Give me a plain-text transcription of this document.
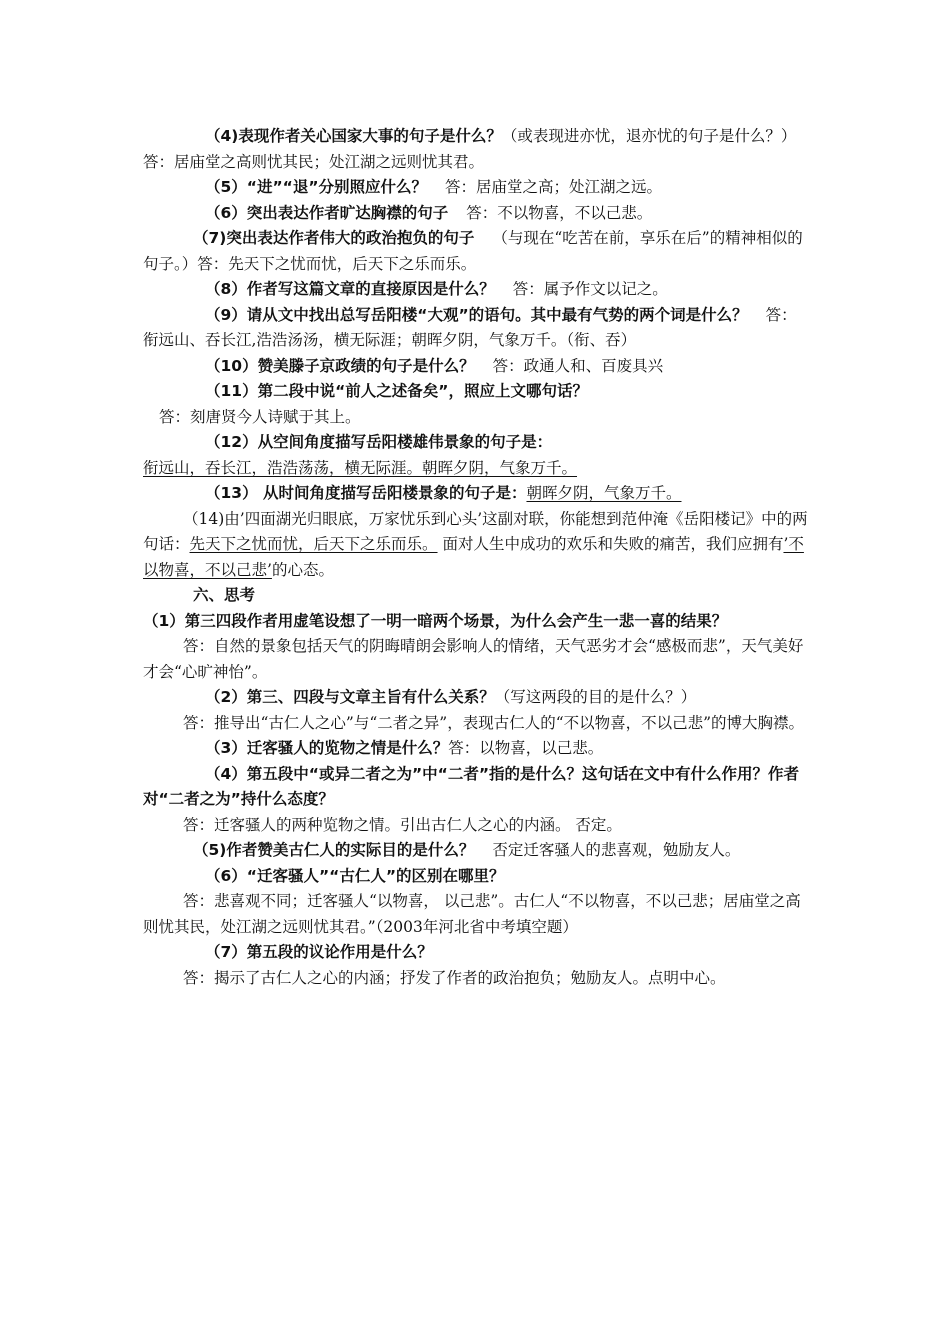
（4)表现作者关心国家大事的句子是什么？（或表现进亦忧，退亦忧的句子是什么？） 答：居庙堂之高则忧其民；处江湖之远则忧其君。

（5）“进”“退”分别照应什么？ 答：居庙堂之高；处江湖之远。

（6）突出表达作者旷达胸襟的句子 答：不以物喜，不以己悲。

（7)突出表达作者伟大的政治抱负的句子 （与现在“吃苦在前，享乐在后”的精神相似的句子。）答：先天下之忧而忧，后天下之乐而乐。

（8）作者写这篇文章的直接原因是什么？ 答：属予作文以记之。

（9）请从文中找出总写岳阳楼“大观”的语句。其中最有气势的两个词是什么？ 答：衔远山、吞长江,浩浩汤汤，横无际涯；朝晖夕阴，气象万千。（衔、吞）

（10）赞美滕子京政绩的句子是什么？ 答：政通人和、百废具兴

（11）第二段中说“前人之述备矣”，照应上文哪句话？

答：刻唐贤今人诗赋于其上。

（12）从空间角度描写岳阳楼雄伟景象的句子是：

衔远山，吞长江，浩浩荡荡，横无际涯。朝晖夕阴，气象万千。

（13） 从时间角度描写岳阳楼景象的句子是：朝晖夕阴，气象万千。

（14)由’四面湖光归眼底，万家忧乐到心头’这副对联，你能想到范仲淹《岳阳楼记》中的两句话：先天下之忧而忧，后天下之乐而乐。 面对人生中成功的欢乐和失败的痛苦，我们应拥有’不以物喜，不以己悲’的心态。

六、思考

（1）第三四段作者用虚笔设想了一明一暗两个场景，为什么会产生一悲一喜的结果？

答：自然的景象包括天气的阴晦晴朗会影响人的情绪，天气恶劣才会“感极而悲”，天气美好才会“心旷神怡”。

（2）第三、四段与文章主旨有什么关系？（写这两段的目的是什么？）

答：推导出“古仁人之心”与“二者之异”，表现古仁人的“不以物喜，不以己悲”的博大胸襟。

（3）迁客骚人的览物之情是什么？答：以物喜，以己悲。

（4）第五段中“或异二者之为”中“二者”指的是什么？这句话在文中有什么作用？作者对“二者之为”持什么态度？

答：迁客骚人的两种览物之情。引出古仁人之心的内涵。 否定。

（5)作者赞美古仁人的实际目的是什么？ 否定迁客骚人的悲喜观，勉励友人。

（6）“迁客骚人”“古仁人”的区别在哪里？

答：悲喜观不同；迁客骚人“以物喜， 以己悲”。古仁人“不以物喜，不以己悲；居庙堂之高则忧其民，处江湖之远则忧其君。”（2003年河北省中考填空题）

（7）第五段的议论作用是什么？

答：揭示了古仁人之心的内涵；抒发了作者的政治抱负；勉励友人。点明中心。
